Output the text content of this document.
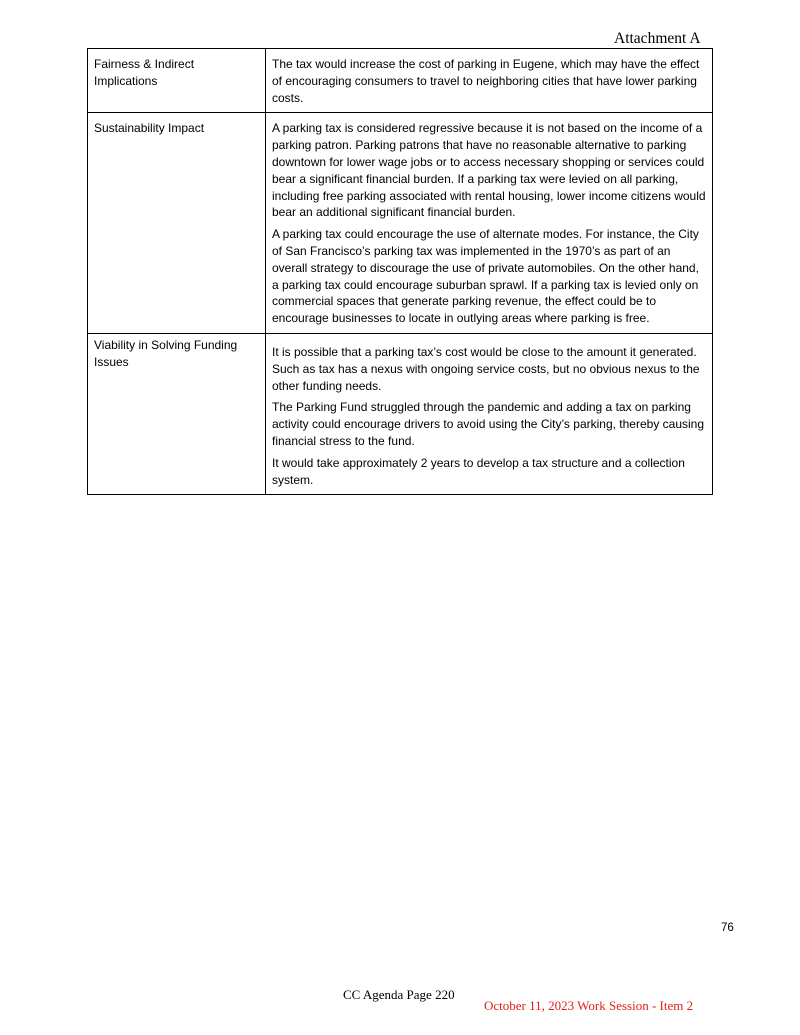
Attachment A
Fairness & Indirect Implications	The tax would increase the cost of parking in Eugene, which may have the effect of encouraging consumers to travel to neighboring cities that have lower parking costs.

Sustainability Impact	A parking tax is considered regressive because it is not based on the income of a parking patron. Parking patrons that have no reasonable alternative to parking downtown for lower wage jobs or to access necessary shopping or services could bear a significant financial burden. If a parking tax were levied on all parking, including free parking associated with rental housing, lower income citizens would bear an additional significant financial burden.

A parking tax could encourage the use of alternate modes. For instance, the City of San Francisco’s parking tax was implemented in the 1970’s as part of an overall strategy to discourage the use of private automobiles. On the other hand, a parking tax could encourage suburban sprawl. If a parking tax is levied only on commercial spaces that generate parking revenue, the effect could be to encourage businesses to locate in outlying areas where parking is free.

Viability in Solving Funding Issues	It is possible that a parking tax’s cost would be close to the amount it generated. Such as tax has a nexus with ongoing service costs, but no obvious nexus to the other funding needs.

The Parking Fund struggled through the pandemic and adding a tax on parking activity could encourage drivers to avoid using the City’s parking, thereby causing financial stress to the fund.

It would take approximately 2 years to develop a tax structure and a collection system.

76
CC Agenda Page 220
October 11, 2023 Work Session - Item 2
